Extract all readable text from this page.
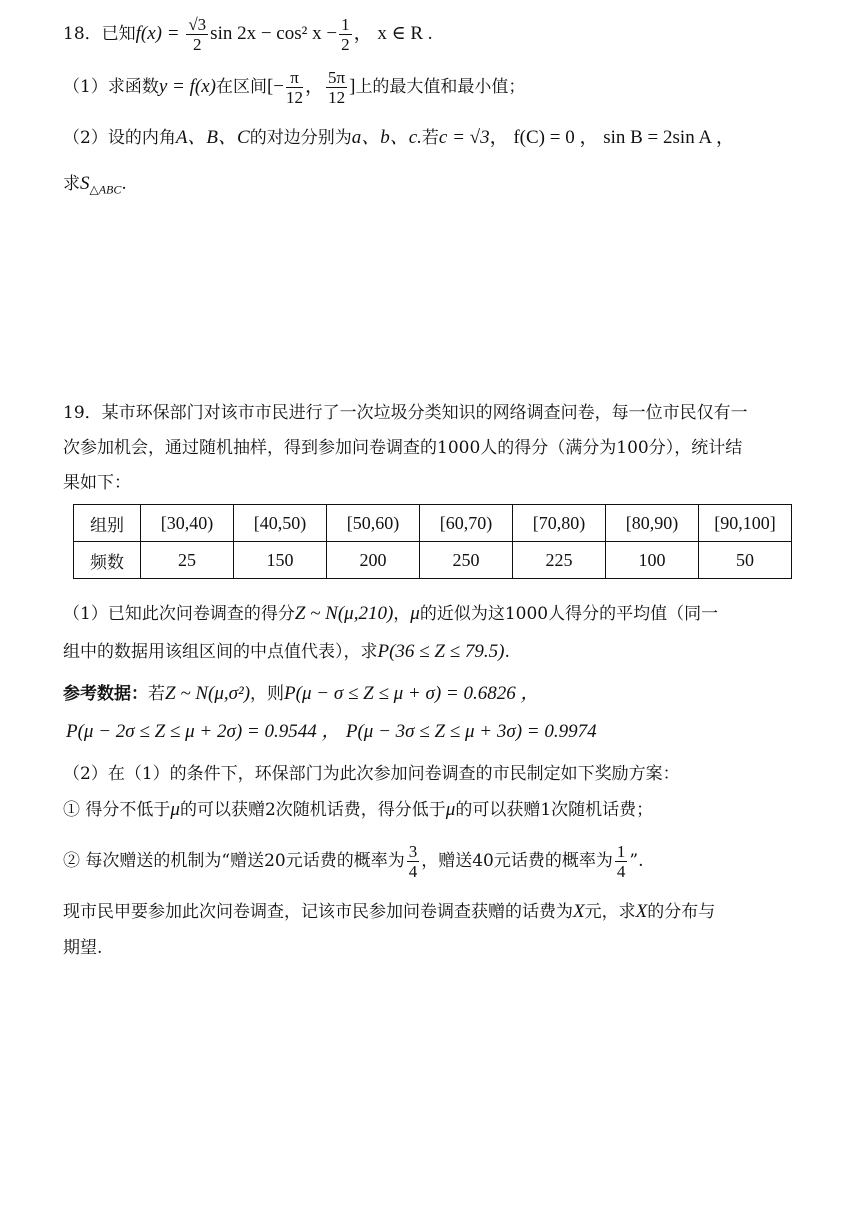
18．已知$f(x) = \frac{√3}{2}$ sin 2x − cos² $x - \frac{1}{2}$ ， x ∈ R .
（1）求函数y = f(x)在区间[− $\frac{\pi}{12}$ ， $\frac{5\pi}{12}$ ]上的最大值和最小值；
（2）设的内角A、B、C的对边分别为a、b、c.若c = √3， f(C) = 0 ， sin B = 2sin A ，
求$S_{\triangle ABC}$.
19．某市环保部门对该市市民进行了一次垃圾分类知识的网络调查问卷，每一位市民仅有一
次参加机会，通过随机抽样，得到参加问卷调查的1000人的得分（满分为100分），统计结
果如下：
组别	[30,40)	[40,50)	[50,60)	[60,70)	[70,80)	[80,90)	[90,100]
频数	25	150	200	250	225	100	50
（1）已知此次问卷调查的得分Z ~ N(μ,210)，μ的近似为这1000人得分的平均值（同一
组中的数据用该组区间的中点值代表），求P(36 ≤ Z ≤ 79.5).
参考数据：若Z ~ N(μ,σ²)，则P(μ − σ ≤ Z ≤ μ + σ) = 0.6826 ，
P(μ − 2σ ≤ Z ≤ μ + 2σ) = 0.9544 ， P(μ − 3σ ≤ Z ≤ μ + 3σ) = 0.9974
（2）在（1）的条件下，环保部门为此次参加问卷调查的市民制定如下奖励方案：
① 得分不低于μ的可以获赠2次随机话费，得分低于μ的可以获赠1次随机话费；
② 每次赠送的机制为“赠送20元话费的概率为 $\frac{3}{4}$ ，赠送40元话费的概率为 $\frac{1}{4}$ ”.
现市民甲要参加此次问卷调查，记该市民参加问卷调查获赠的话费为X元，求X的分布与
期望.
